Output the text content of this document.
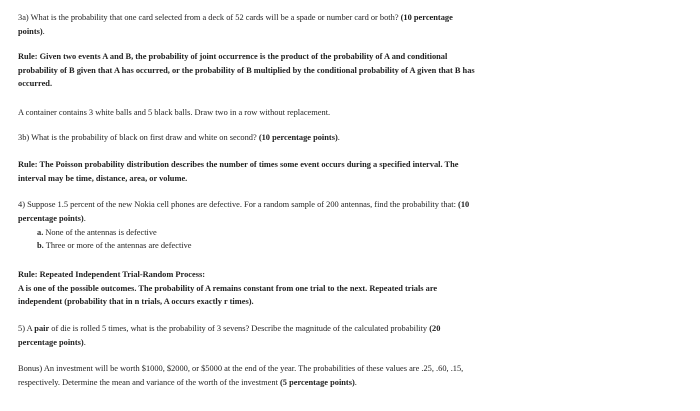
3a) What is the probability that one card selected from a deck of 52 cards will be a spade or number card or both? (10 percentage points).

Rule: Given two events A and B, the probability of joint occurrence is the product of the probability of A and conditional probability of B given that A has occurred, or the probability of B multiplied by the conditional probability of A given that B has occurred.

A container contains 3 white balls and 5 black balls. Draw two in a row without replacement.

3b) What is the probability of black on first draw and white on second? (10 percentage points).

Rule: The Poisson probability distribution describes the number of times some event occurs during a specified interval. The interval may be time, distance, area, or volume.

4) Suppose 1.5 percent of the new Nokia cell phones are defective. For a random sample of 200 antennas, find the probability that: (10 percentage points).

a. None of the antennas is defective

b. Three or more of the antennas are defective

Rule: Repeated Independent Trial-Random Process:
A is one of the possible outcomes. The probability of A remains constant from one trial to the next. Repeated trials are independent (probability that in n trials, A occurs exactly r times).

5) A pair of die is rolled 5 times, what is the probability of 3 sevens? Describe the magnitude of the calculated probability (20 percentage points).

Bonus) An investment will be worth $1000, $2000, or $5000 at the end of the year. The probabilities of these values are .25, .60, .15, respectively. Determine the mean and variance of the worth of the investment (5 percentage points).
